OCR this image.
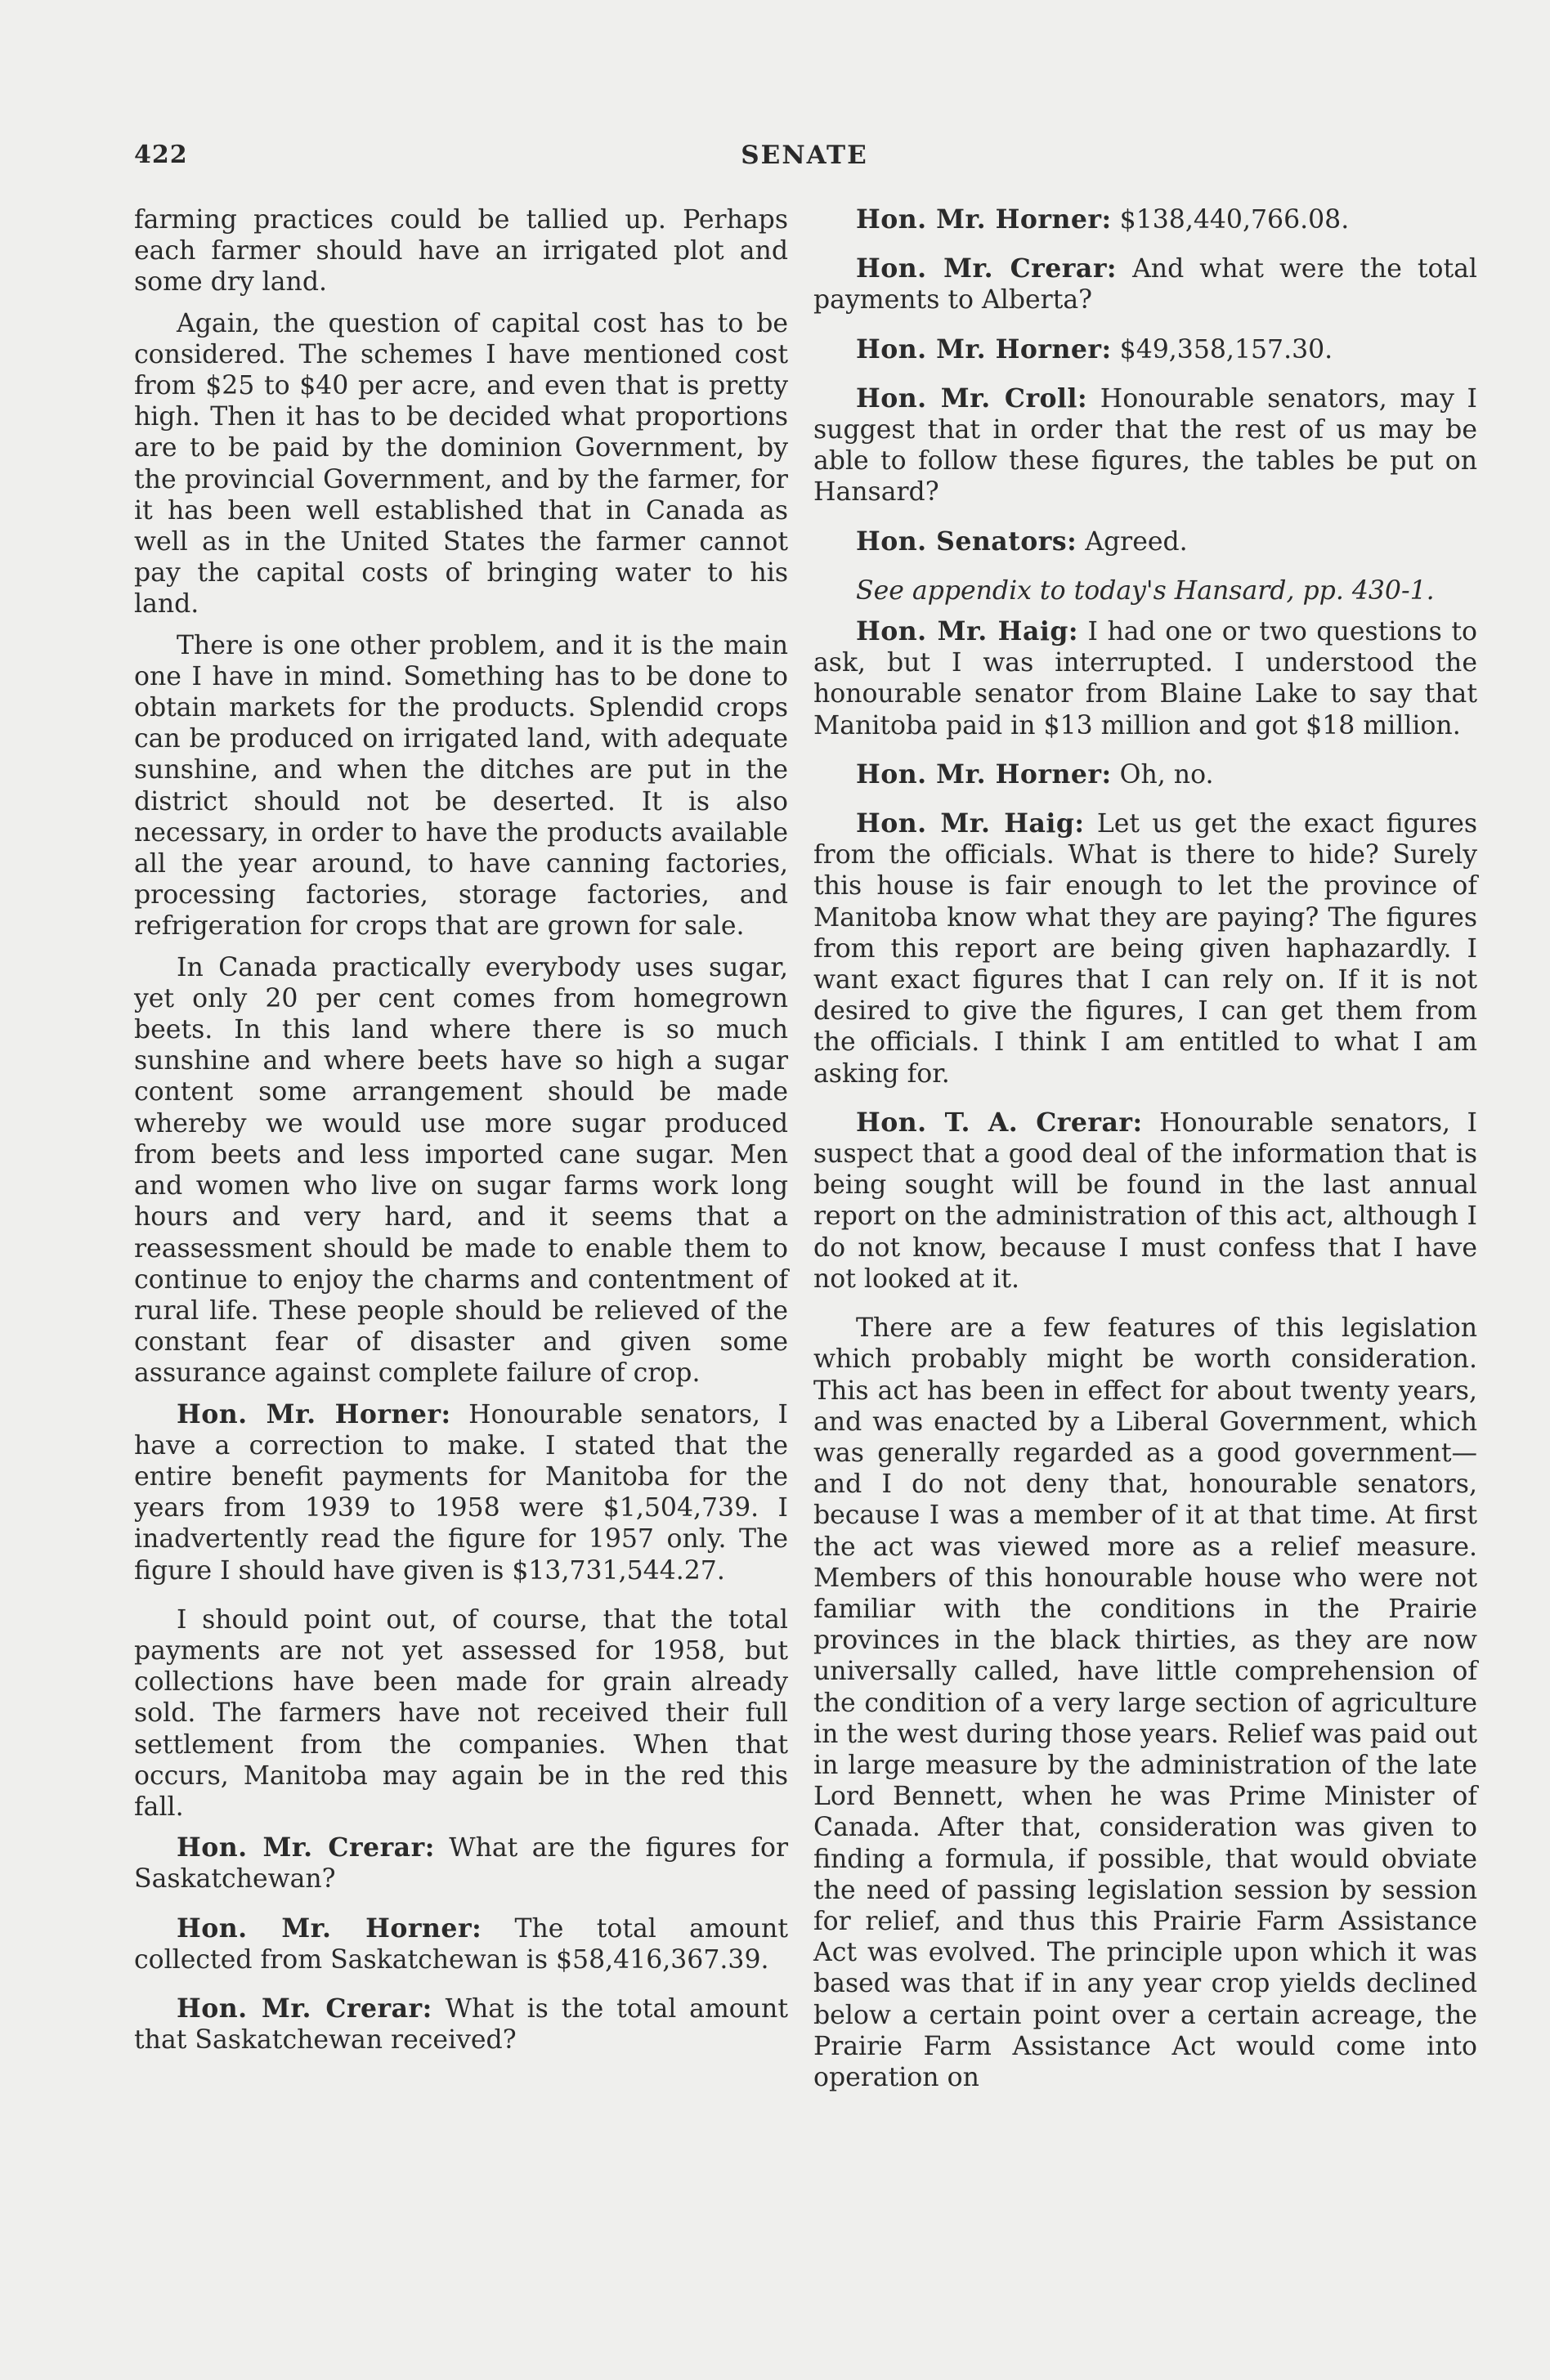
422	SENATE

farming practices could be tallied up. Perhaps each farmer should have an irrigated plot and some dry land.

Again, the question of capital cost has to be considered. The schemes I have mentioned cost from $25 to $40 per acre, and even that is pretty high. Then it has to be decided what proportions are to be paid by the dominion Government, by the provincial Government, and by the farmer, for it has been well established that in Canada as well as in the United States the farmer cannot pay the capital costs of bringing water to his land.

There is one other problem, and it is the main one I have in mind. Something has to be done to obtain markets for the products. Splendid crops can be produced on irrigated land, with adequate sunshine, and when the ditches are put in the district should not be deserted. It is also necessary, in order to have the products available all the year around, to have canning factories, processing factories, storage factories, and refrigeration for crops that are grown for sale.

In Canada practically everybody uses sugar, yet only 20 per cent comes from homegrown beets. In this land where there is so much sunshine and where beets have so high a sugar content some arrangement should be made whereby we would use more sugar produced from beets and less imported cane sugar. Men and women who live on sugar farms work long hours and very hard, and it seems that a reassessment should be made to enable them to continue to enjoy the charms and contentment of rural life. These people should be relieved of the constant fear of disaster and given some assurance against complete failure of crop.

Hon. Mr. Horner: Honourable senators, I have a correction to make. I stated that the entire benefit payments for Manitoba for the years from 1939 to 1958 were $1,504,739. I inadvertently read the figure for 1957 only. The figure I should have given is $13,731,544.27.

I should point out, of course, that the total payments are not yet assessed for 1958, but collections have been made for grain already sold. The farmers have not received their full settlement from the companies. When that occurs, Manitoba may again be in the red this fall.

Hon. Mr. Crerar: What are the figures for Saskatchewan?

Hon. Mr. Horner: The total amount collected from Saskatchewan is $58,416,367.39.

Hon. Mr. Crerar: What is the total amount that Saskatchewan received?

Hon. Mr. Horner: $138,440,766.08.

Hon. Mr. Crerar: And what were the total payments to Alberta?

Hon. Mr. Horner: $49,358,157.30.

Hon. Mr. Croll: Honourable senators, may I suggest that in order that the rest of us may be able to follow these figures, the tables be put on Hansard?

Hon. Senators: Agreed.

See appendix to today's Hansard, pp. 430-1.

Hon. Mr. Haig: I had one or two questions to ask, but I was interrupted. I understood the honourable senator from Blaine Lake to say that Manitoba paid in $13 million and got $18 million.

Hon. Mr. Horner: Oh, no.

Hon. Mr. Haig: Let us get the exact figures from the officials. What is there to hide? Surely this house is fair enough to let the province of Manitoba know what they are paying? The figures from this report are being given haphazardly. I want exact figures that I can rely on. If it is not desired to give the figures, I can get them from the officials. I think I am entitled to what I am asking for.

Hon. T. A. Crerar: Honourable senators, I suspect that a good deal of the information that is being sought will be found in the last annual report on the administration of this act, although I do not know, because I must confess that I have not looked at it.

There are a few features of this legislation which probably might be worth consideration. This act has been in effect for about twenty years, and was enacted by a Liberal Government, which was generally regarded as a good government—and I do not deny that, honourable senators, because I was a member of it at that time. At first the act was viewed more as a relief measure. Members of this honourable house who were not familiar with the conditions in the Prairie provinces in the black thirties, as they are now universally called, have little comprehension of the condition of a very large section of agriculture in the west during those years. Relief was paid out in large measure by the administration of the late Lord Bennett, when he was Prime Minister of Canada. After that, consideration was given to finding a formula, if possible, that would obviate the need of passing legislation session by session for relief, and thus this Prairie Farm Assistance Act was evolved. The principle upon which it was based was that if in any year crop yields declined below a certain point over a certain acreage, the Prairie Farm Assistance Act would come into operation on
